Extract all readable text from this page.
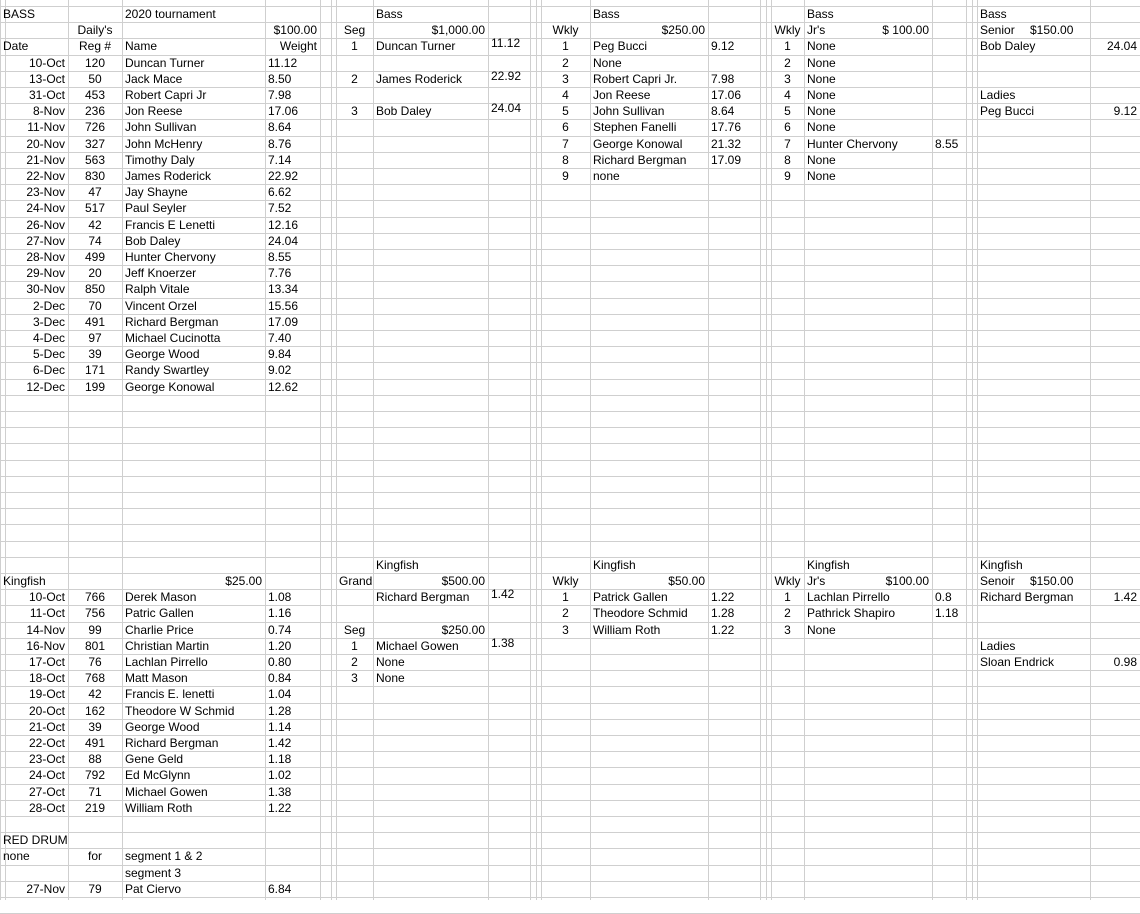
BASS
Daily's
2020 tournament
$100.00
Date	Reg #	Name	Weight
10-Oct	120	Duncan Turner	11.12
13-Oct	50	Jack Mace	8.50
31-Oct	453	Robert Capri Jr	7.98
8-Nov	236	Jon Reese	17.06
11-Nov	726	John Sullivan	8.64
20-Nov	327	John McHenry	8.76
21-Nov	563	Timothy Daly	7.14
22-Nov	830	James Roderick	22.92
23-Nov	47	Jay Shayne	6.62
24-Nov	517	Paul Seyler	7.52
26-Nov	42	Francis E Lenetti	12.16
27-Nov	74	Bob Daley	24.04
28-Nov	499	Hunter Chervony	8.55
29-Nov	20	Jeff Knoerzer	7.76
30-Nov	850	Ralph Vitale	13.34
2-Dec	70	Vincent Orzel	15.56
3-Dec	491	Richard Bergman	17.09
4-Dec	97	Michael Cucinotta	7.40
5-Dec	39	George Wood	9.84
6-Dec	171	Randy Swartley	9.02
12-Dec	199	George Konowal	12.62
Bass
Seg	$1,000.00
1	Duncan Turner	11.12
2	James Roderick	22.92
3	Bob Daley	24.04
Bass
Wkly	$250.00
1	Peg Bucci	9.12
2	None
3	Robert Capri Jr.	7.98
4	Jon Reese	17.06
5	John Sullivan	8.64
6	Stephen Fanelli	17.76
7	George Konowal	21.32
8	Richard Bergman	17.09
9	none
Bass
Wkly Jr's	$ 100.00
1	None
2	None
3	None
4	None
5	None
6	None
7	Hunter Chervony	8.55
8	None
9	None
Bass
Senior	$150.00
Bob Daley	24.04
Ladies
Peg Bucci	9.12
Kingfish	$25.00
10-Oct	766	Derek Mason	1.08
11-Oct	756	Patric Gallen	1.16
14-Nov	99	Charlie Price	0.74
16-Nov	801	Christian Martin	1.20
17-Oct	76	Lachlan Pirrello	0.80
18-Oct	768	Matt Mason	0.84
19-Oct	42	Francis E. lenetti	1.04
20-Oct	162	Theodore W Schmid	1.28
21-Oct	39	George Wood	1.14
22-Oct	491	Richard Bergman	1.42
23-Oct	88	Gene Geld	1.18
24-Oct	792	Ed McGlynn	1.02
27-Oct	71	Michael Gowen	1.38
28-Oct	219	William Roth	1.22
Kingfish
Grand	$500.00
Richard Bergman	1.42
Seg	$250.00
1	Michael Gowen	1.38
2	None
3	None
Kingfish
Wkly	$50.00
1	Patrick Gallen	1.22
2	Theodore Schmid	1.28
3	William Roth	1.22
Kingfish
Wkly Jr's	$100.00
1	Lachlan Pirrello	0.8
2	Pathrick Shapiro	1.18
3	None
Kingfish
Senoir	$150.00
Richard Bergman	1.42
Ladies
Sloan Endrick	0.98
RED DRUM
none	for	segment 1 & 2
segment 3
27-Nov	79	Pat Ciervo	6.84
